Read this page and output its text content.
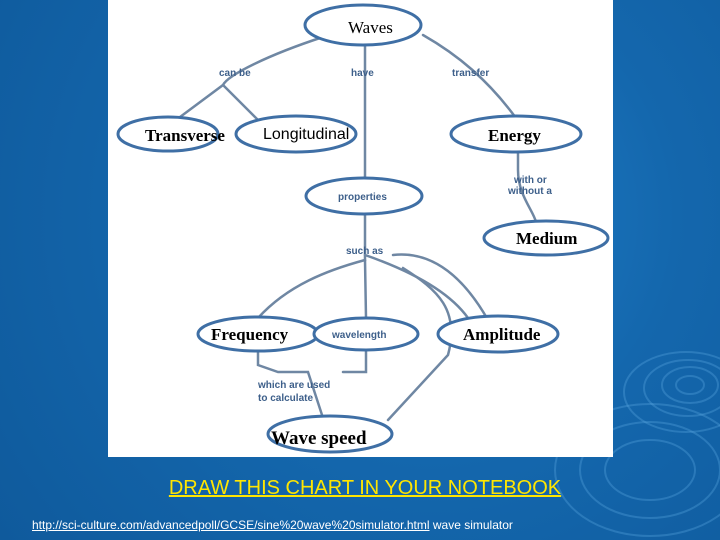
can be	have	transfer
with or
without a
such as
which are used
to calculate
Waves
Transverse Longitudinal	Energy
properties
Medium
Frequency	wavelength	Amplitude
Wave speed
DRAW THIS CHART IN YOUR NOTEBOOK
http://sci-culture.com/advancedpoll/GCSE/sine%20wave%20simulator.html wave simulator
